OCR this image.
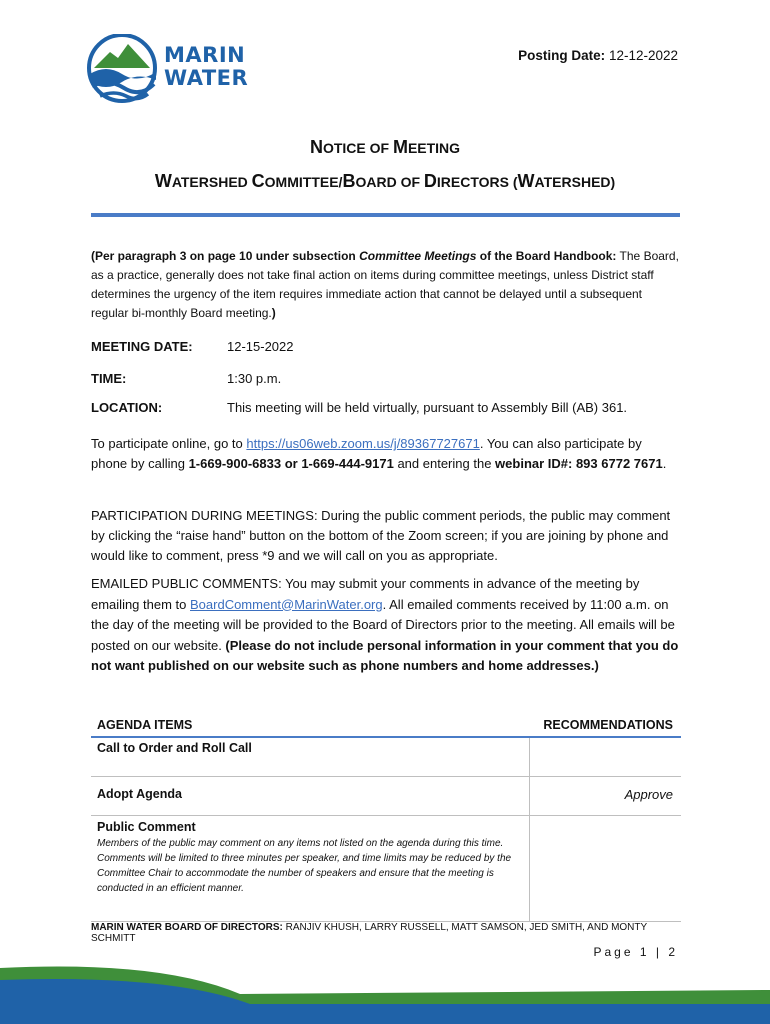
MARIN
WATER
Posting Date: 12-12-2022
NOTICE OF MEETING
WATERSHED COMMITTEE/BOARD OF DIRECTORS (WATERSHED)
(Per paragraph 3 on page 10 under subsection Committee Meetings of the Board Handbook: The Board, as a practice, generally does not take final action on items during committee meetings, unless District staff determines the urgency of the item requires immediate action that cannot be delayed until a subsequent regular bi-monthly Board meeting.)
MEETING DATE:	12-15-2022
TIME:	1:30 p.m.
LOCATION:	This meeting will be held virtually, pursuant to Assembly Bill (AB) 361.
To participate online, go to https://us06web.zoom.us/j/89367727671. You can also participate by phone by calling 1-669-900-6833 or 1-669-444-9171 and entering the webinar ID#: 893 6772 7671.
PARTICIPATION DURING MEETINGS: During the public comment periods, the public may comment by clicking the “raise hand” button on the bottom of the Zoom screen; if you are joining by phone and would like to comment, press *9 and we will call on you as appropriate.
EMAILED PUBLIC COMMENTS: You may submit your comments in advance of the meeting by emailing them to BoardComment@MarinWater.org. All emailed comments received by 11:00 a.m. on the day of the meeting will be provided to the Board of Directors prior to the meeting. All emails will be posted on our website. (Please do not include personal information in your comment that you do not want published on our website such as phone numbers and home addresses.)
AGENDA ITEMS	RECOMMENDATIONS
Call to Order and Roll Call
Adopt Agenda	Approve
Public Comment
Members of the public may comment on any items not listed on the agenda during this time. Comments will be limited to three minutes per speaker, and time limits may be reduced by the Committee Chair to accommodate the number of speakers and ensure that the meeting is conducted in an efficient manner.
MARIN WATER BOARD OF DIRECTORS: RANJIV KHUSH, LARRY RUSSELL, MATT SAMSON, JED SMITH, AND MONTY SCHMITT
Page 1 | 2
